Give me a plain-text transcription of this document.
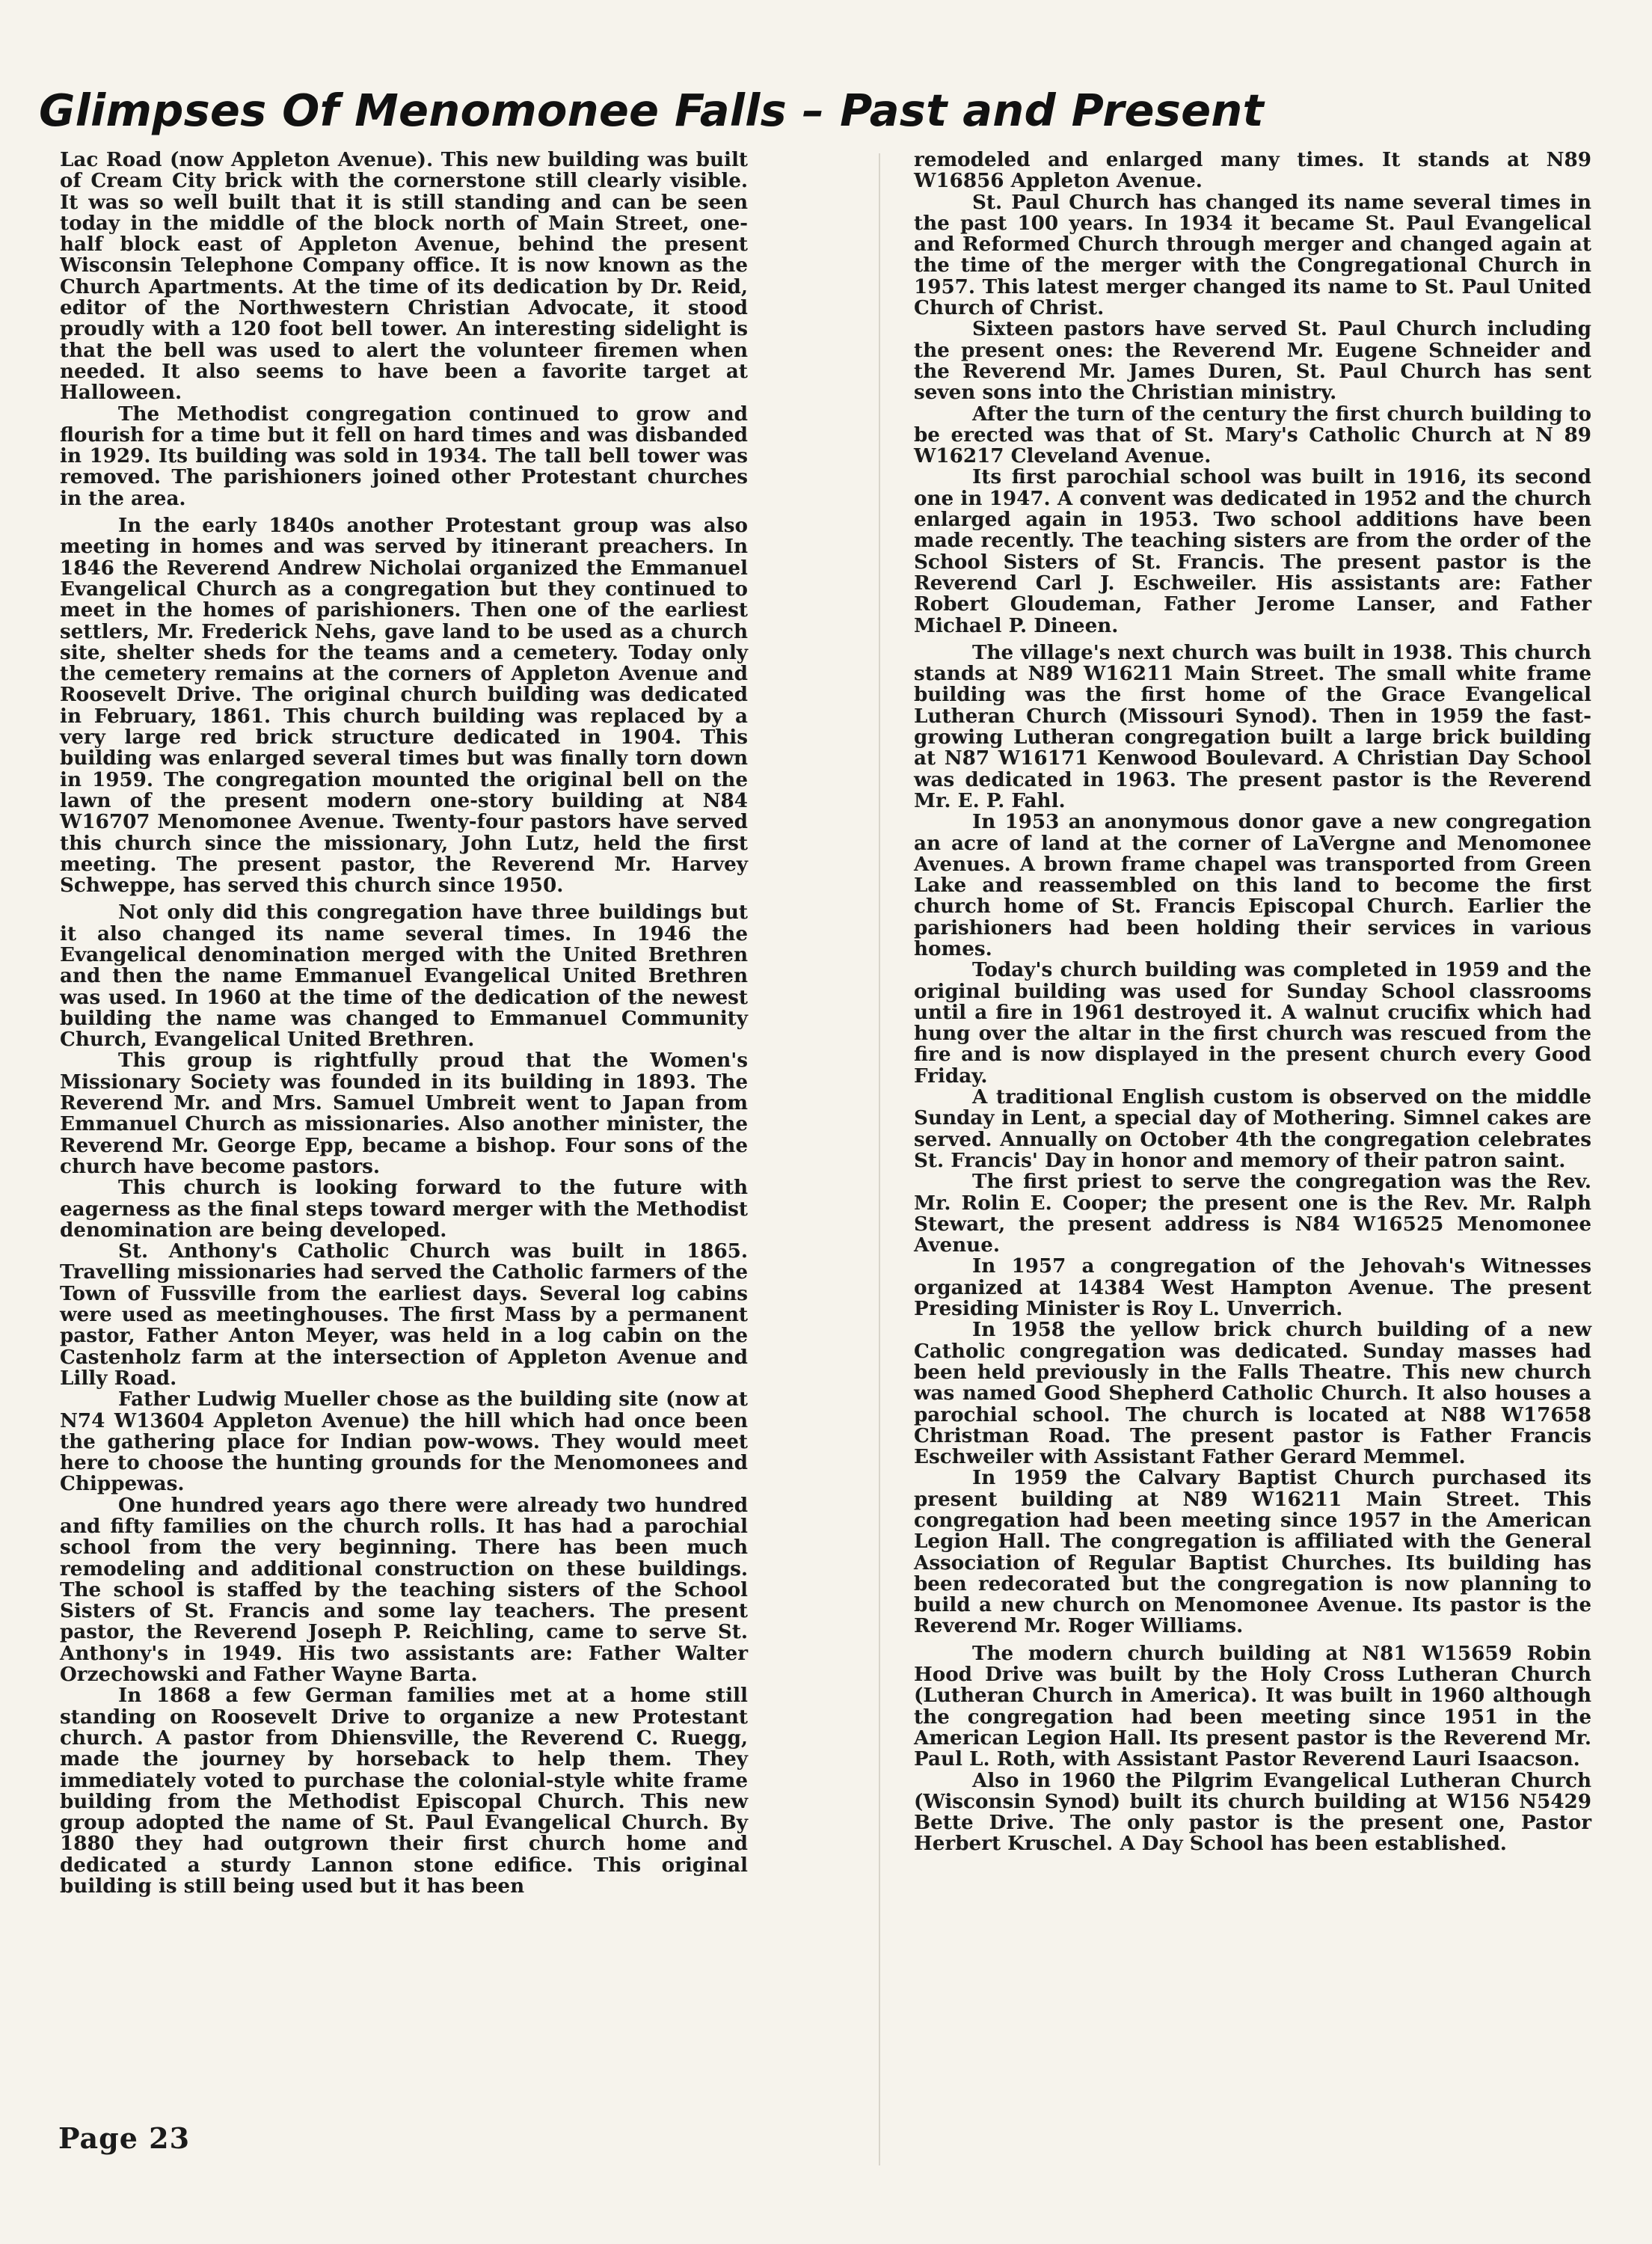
Glimpses Of Menomonee Falls – Past and Present

Lac Road (now Appleton Avenue). This new building was built of Cream City brick with the cornerstone still clearly visible. It was so well built that it is still standing and can be seen today in the middle of the block north of Main Street, one-half block east of Appleton Avenue, behind the present Wisconsin Telephone Company office. It is now known as the Church Apartments. At the time of its dedication by Dr. Reid, editor of the Northwestern Christian Advocate, it stood proudly with a 120 foot bell tower. An interesting sidelight is that the bell was used to alert the volunteer firemen when needed. It also seems to have been a favorite target at Halloween.

The Methodist congregation continued to grow and flourish for a time but it fell on hard times and was disbanded in 1929. Its building was sold in 1934. The tall bell tower was removed. The parishioners joined other Protestant churches in the area.

In the early 1840s another Protestant group was also meeting in homes and was served by itinerant preachers. In 1846 the Reverend Andrew Nicholai organized the Emmanuel Evangelical Church as a congregation but they continued to meet in the homes of parishioners. Then one of the earliest settlers, Mr. Frederick Nehs, gave land to be used as a church site, shelter sheds for the teams and a cemetery. Today only the cemetery remains at the corners of Appleton Avenue and Roosevelt Drive. The original church building was dedicated in February, 1861. This church building was replaced by a very large red brick structure dedicated in 1904. This building was enlarged several times but was finally torn down in 1959. The congregation mounted the original bell on the lawn of the present modern one-story building at N84 W16707 Menomonee Avenue. Twenty-four pastors have served this church since the missionary, John Lutz, held the first meeting. The present pastor, the Reverend Mr. Harvey Schweppe, has served this church since 1950.

Not only did this congregation have three buildings but it also changed its name several times. In 1946 the Evangelical denomination merged with the United Brethren and then the name Emmanuel Evangelical United Brethren was used. In 1960 at the time of the dedication of the newest building the name was changed to Emmanuel Community Church, Evangelical United Brethren.

This group is rightfully proud that the Women's Missionary Society was founded in its building in 1893. The Reverend Mr. and Mrs. Samuel Umbreit went to Japan from Emmanuel Church as missionaries. Also another minister, the Reverend Mr. George Epp, became a bishop. Four sons of the church have become pastors.

This church is looking forward to the future with eagerness as the final steps toward merger with the Methodist denomination are being developed.

St. Anthony's Catholic Church was built in 1865. Travelling missionaries had served the Catholic farmers of the Town of Fussville from the earliest days. Several log cabins were used as meetinghouses. The first Mass by a permanent pastor, Father Anton Meyer, was held in a log cabin on the Castenholz farm at the intersection of Appleton Avenue and Lilly Road.

Father Ludwig Mueller chose as the building site (now at N74 W13604 Appleton Avenue) the hill which had once been the gathering place for Indian pow-wows. They would meet here to choose the hunting grounds for the Menomonees and Chippewas.

One hundred years ago there were already two hundred and fifty families on the church rolls. It has had a parochial school from the very beginning. There has been much remodeling and additional construction on these buildings. The school is staffed by the teaching sisters of the School Sisters of St. Francis and some lay teachers. The present pastor, the Reverend Joseph P. Reichling, came to serve St. Anthony's in 1949. His two assistants are: Father Walter Orzechowski and Father Wayne Barta.

In 1868 a few German families met at a home still standing on Roosevelt Drive to organize a new Protestant church. A pastor from Dhiensville, the Reverend C. Ruegg, made the journey by horseback to help them. They immediately voted to purchase the colonial-style white frame building from the Methodist Episcopal Church. This new group adopted the name of St. Paul Evangelical Church. By 1880 they had outgrown their first church home and dedicated a sturdy Lannon stone edifice. This original building is still being used but it has been

remodeled and enlarged many times. It stands at N89 W16856 Appleton Avenue.

St. Paul Church has changed its name several times in the past 100 years. In 1934 it became St. Paul Evangelical and Reformed Church through merger and changed again at the time of the merger with the Congregational Church in 1957. This latest merger changed its name to St. Paul United Church of Christ.

Sixteen pastors have served St. Paul Church including the present ones: the Reverend Mr. Eugene Schneider and the Reverend Mr. James Duren, St. Paul Church has sent seven sons into the Christian ministry.

After the turn of the century the first church building to be erected was that of St. Mary's Catholic Church at N 89 W16217 Cleveland Avenue.

Its first parochial school was built in 1916, its second one in 1947. A convent was dedicated in 1952 and the church enlarged again in 1953. Two school additions have been made recently. The teaching sisters are from the order of the School Sisters of St. Francis. The present pastor is the Reverend Carl J. Eschweiler. His assistants are: Father Robert Gloudeman, Father Jerome Lanser, and Father Michael P. Dineen.

The village's next church was built in 1938. This church stands at N89 W16211 Main Street. The small white frame building was the first home of the Grace Evangelical Lutheran Church (Missouri Synod). Then in 1959 the fast-growing Lutheran congregation built a large brick building at N87 W16171 Kenwood Boulevard. A Christian Day School was dedicated in 1963. The present pastor is the Reverend Mr. E. P. Fahl.

In 1953 an anonymous donor gave a new congregation an acre of land at the corner of LaVergne and Menomonee Avenues. A brown frame chapel was transported from Green Lake and reassembled on this land to become the first church home of St. Francis Episcopal Church. Earlier the parishioners had been holding their services in various homes.

Today's church building was completed in 1959 and the original building was used for Sunday School classrooms until a fire in 1961 destroyed it. A walnut crucifix which had hung over the altar in the first church was rescued from the fire and is now displayed in the present church every Good Friday.

A traditional English custom is observed on the middle Sunday in Lent, a special day of Mothering. Simnel cakes are served. Annually on October 4th the congregation celebrates St. Francis' Day in honor and memory of their patron saint.

The first priest to serve the congregation was the Rev. Mr. Rolin E. Cooper; the present one is the Rev. Mr. Ralph Stewart, the present address is N84 W16525 Menomonee Avenue.

In 1957 a congregation of the Jehovah's Witnesses organized at 14384 West Hampton Avenue. The present Presiding Minister is Roy L. Unverrich.

In 1958 the yellow brick church building of a new Catholic congregation was dedicated. Sunday masses had been held previously in the Falls Theatre. This new church was named Good Shepherd Catholic Church. It also houses a parochial school. The church is located at N88 W17658 Christman Road. The present pastor is Father Francis Eschweiler with Assistant Father Gerard Memmel.

In 1959 the Calvary Baptist Church purchased its present building at N89 W16211 Main Street. This congregation had been meeting since 1957 in the American Legion Hall. The congregation is affiliated with the General Association of Regular Baptist Churches. Its building has been redecorated but the congregation is now planning to build a new church on Menomonee Avenue. Its pastor is the Reverend Mr. Roger Williams.

The modern church building at N81 W15659 Robin Hood Drive was built by the Holy Cross Lutheran Church (Lutheran Church in America). It was built in 1960 although the congregation had been meeting since 1951 in the American Legion Hall. Its present pastor is the Reverend Mr. Paul L. Roth, with Assistant Pastor Reverend Lauri Isaacson.

Also in 1960 the Pilgrim Evangelical Lutheran Church (Wisconsin Synod) built its church building at W156 N5429 Bette Drive. The only pastor is the present one, Pastor Herbert Kruschel. A Day School has been established.

Page 23
